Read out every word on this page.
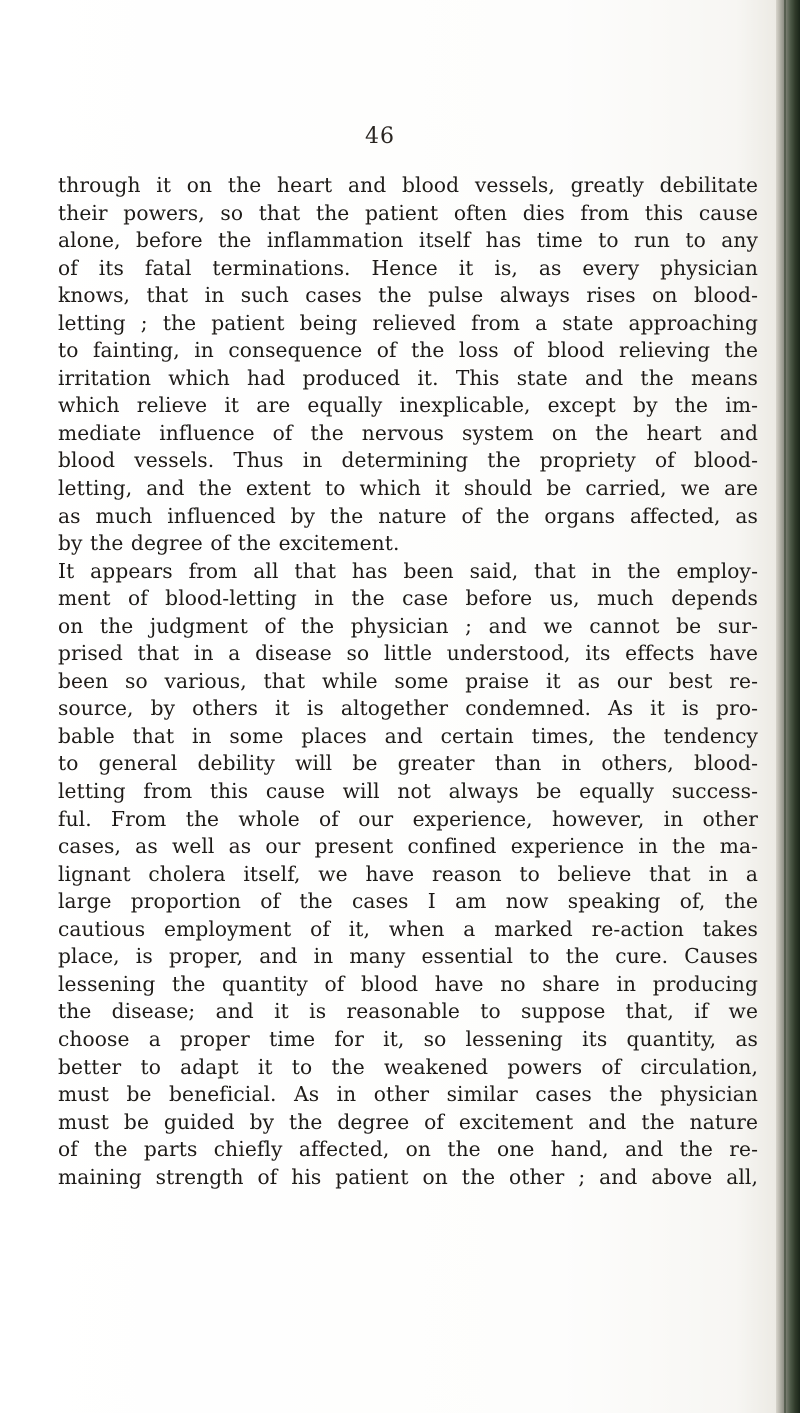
46
through it on the heart and blood vessels, greatly debilitate
their powers, so that the patient often dies from this cause
alone, before the inflammation itself has time to run to any
of its fatal terminations. Hence it is, as every physician
knows, that in such cases the pulse always rises on blood-
letting ; the patient being relieved from a state approaching
to fainting, in consequence of the loss of blood relieving the
irritation which had produced it. This state and the means
which relieve it are equally inexplicable, except by the im-
mediate influence of the nervous system on the heart and
blood vessels. Thus in determining the propriety of blood-
letting, and the extent to which it should be carried, we are
as much influenced by the nature of the organs affected, as
by the degree of the excitement.
It appears from all that has been said, that in the employ-
ment of blood-letting in the case before us, much depends
on the judgment of the physician ; and we cannot be sur-
prised that in a disease so little understood, its effects have
been so various, that while some praise it as our best re-
source, by others it is altogether condemned. As it is pro-
bable that in some places and certain times, the tendency
to general debility will be greater than in others, blood-
letting from this cause will not always be equally success-
ful. From the whole of our experience, however, in other
cases, as well as our present confined experience in the ma-
lignant cholera itself, we have reason to believe that in a
large proportion of the cases I am now speaking of, the
cautious employment of it, when a marked re-action takes
place, is proper, and in many essential to the cure. Causes
lessening the quantity of blood have no share in producing
the disease; and it is reasonable to suppose that, if we
choose a proper time for it, so lessening its quantity, as
better to adapt it to the weakened powers of circulation,
must be beneficial. As in other similar cases the physician
must be guided by the degree of excitement and the nature
of the parts chiefly affected, on the one hand, and the re-
maining strength of his patient on the other ; and above all,
